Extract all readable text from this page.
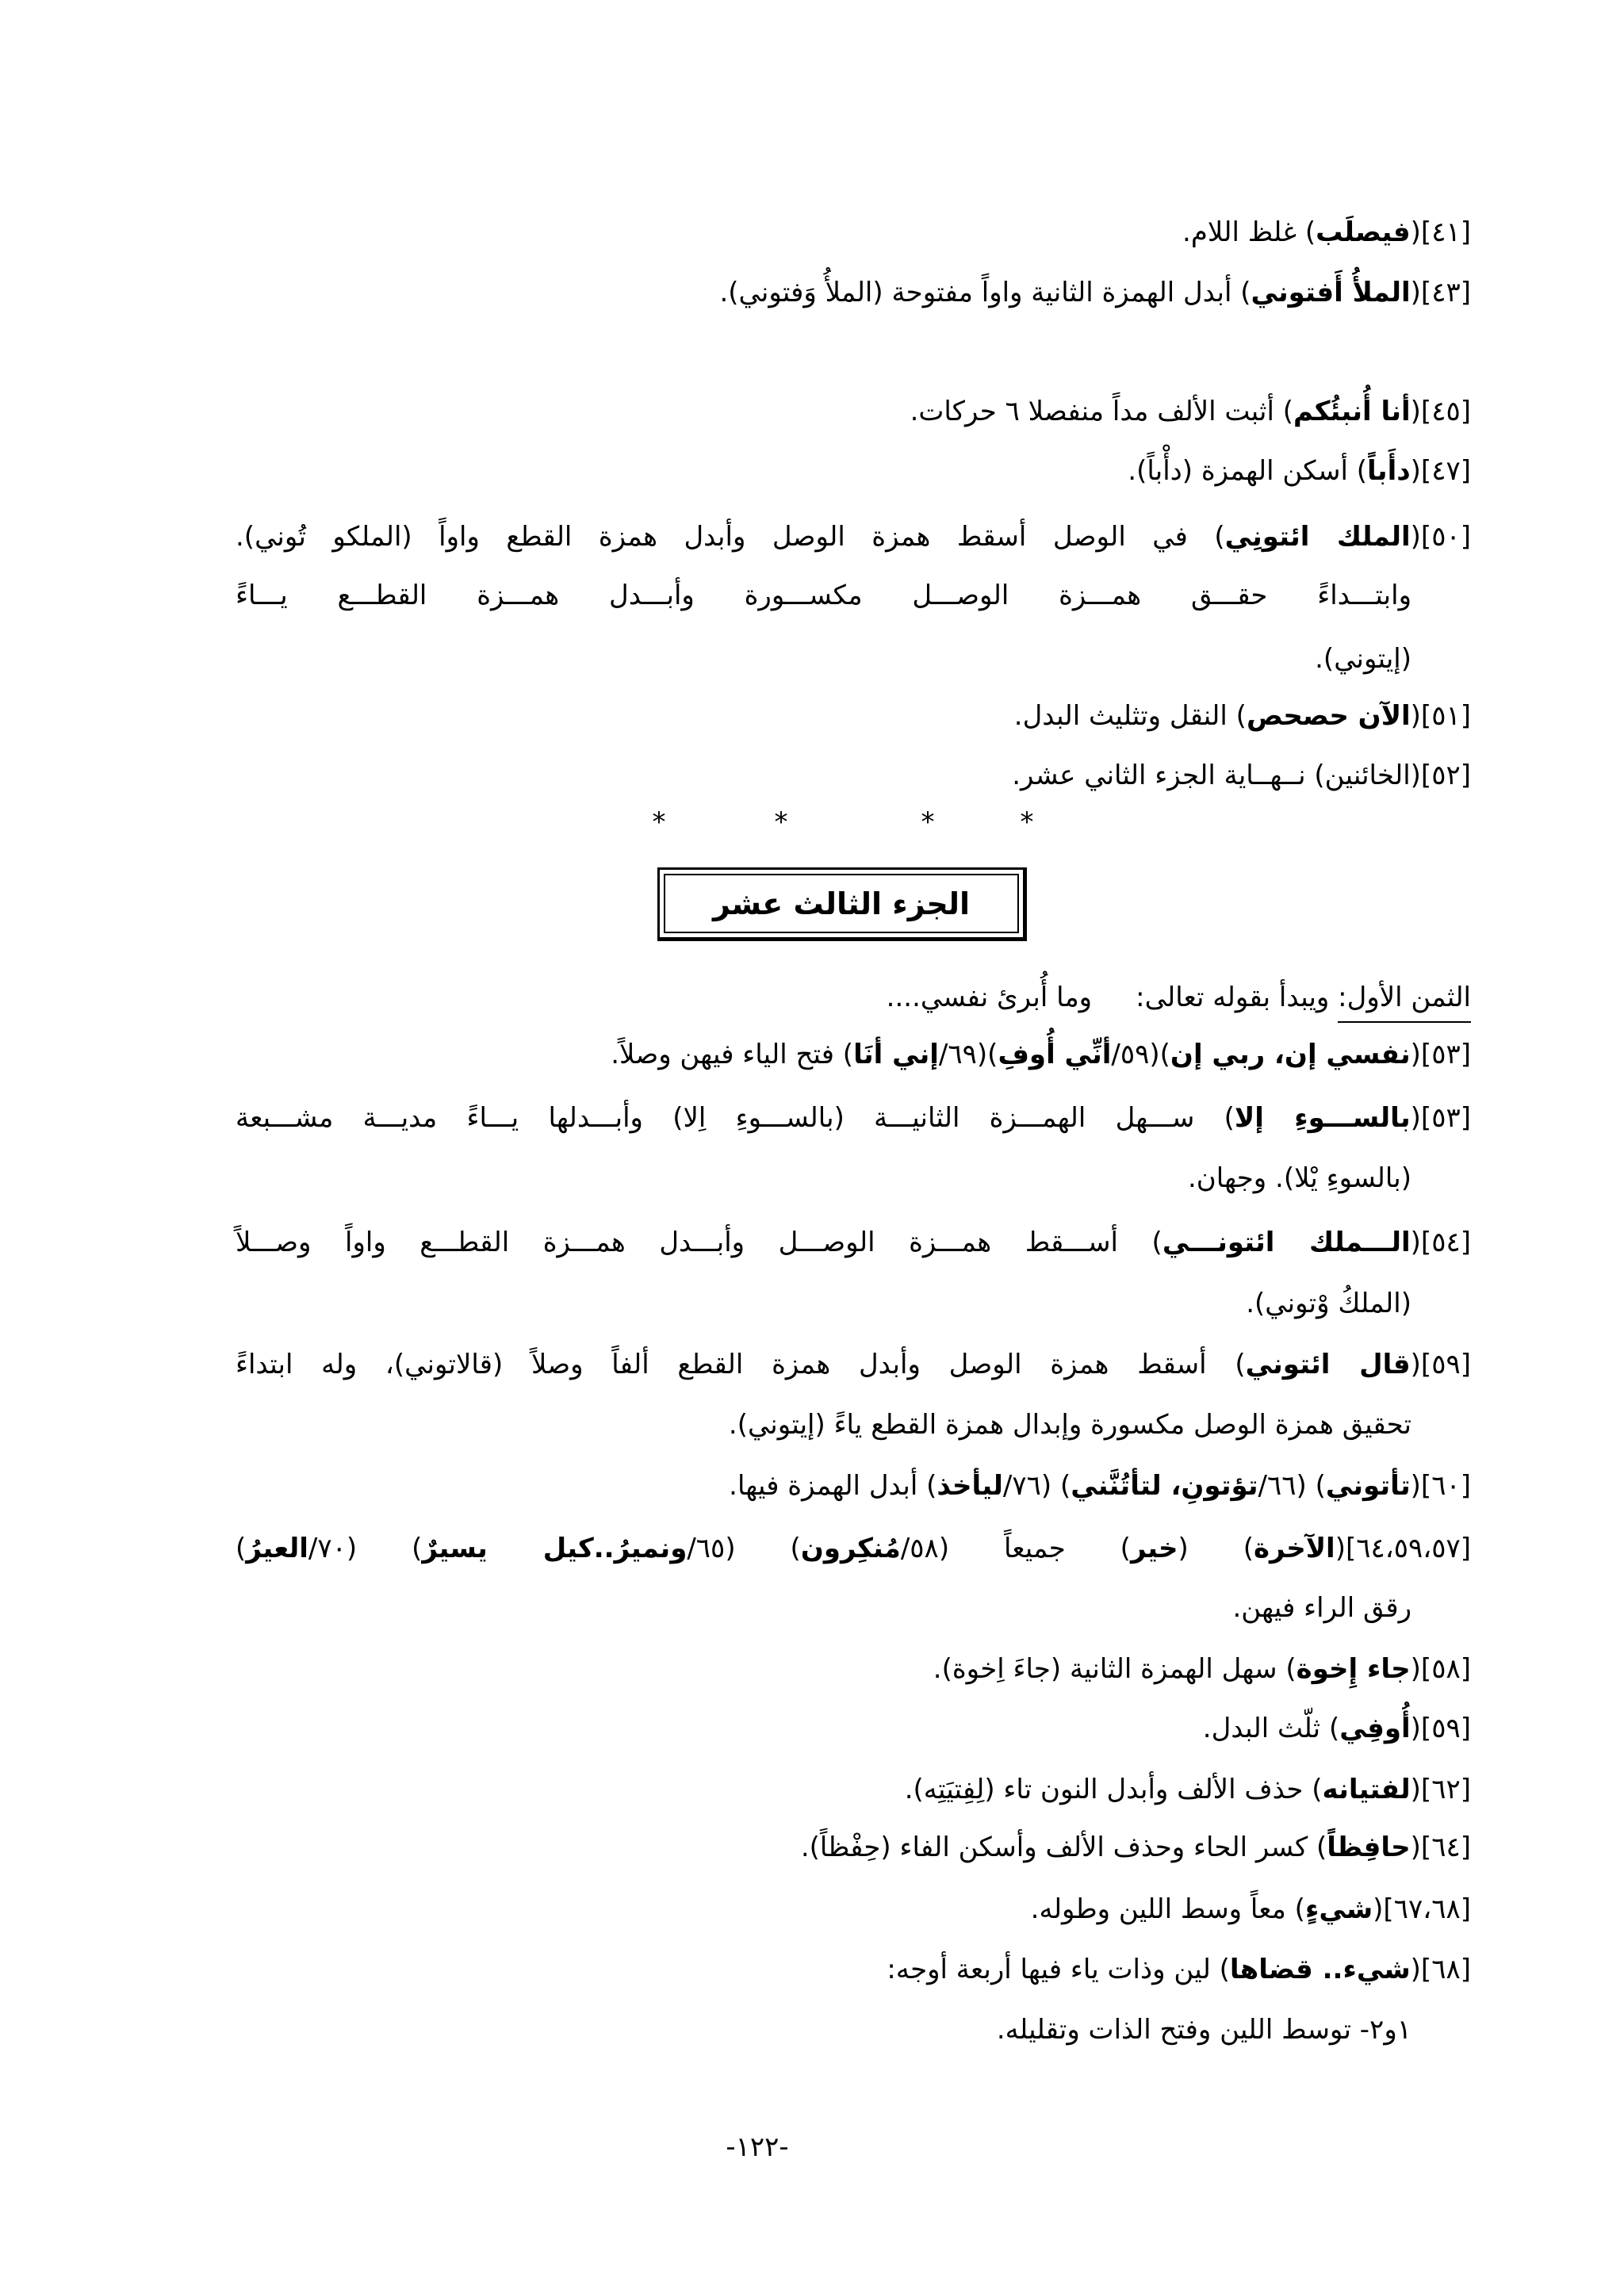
[٤١](فيصلَب) غلظ اللام.
[٤٣](الملأُ أَفتوني) أبدل الهمزة الثانية واواً مفتوحة (الملأُ وَفتوني).
[٤٥](أنا أُنبئُكم) أثبت الألف مداً منفصلا ٦ حركات.
[٤٧](دأَباً) أسكن الهمزة (دأْباً).
[٥٠](الملك ائتونِي) في الوصل أسقط همزة الوصل وأبدل همزة القطع واواً (الملكو تُوني).
وابتـــداءً حقـــق همـــزة الوصـــل مكســـورة وأبـــدل همـــزة القطـــع يـــاءً
(إيتوني).
[٥١](الآن حصحص) النقل وتثليث البدل.
[٥٢](الخائنين) نــهــاية الجزء الثاني عشر.
*	*	*	*
الجزء الثالث عشر
الثمن الأول: ويبدأ بقوله تعالى:وما أُبرئ نفسي....
[٥٣](نفسي إن، ربي إن)(٥٩/أنِّي أُوفِ)(٦٩/إني أنَا) فتح الياء فيهن وصلاً.
[٥٣](بالســـوءِ إلا) ســـهل الهمـــزة الثانيـــة (بالســـوءِ اِلا) وأبـــدلها يـــاءً مديـــة مشـــبعة
(بالسوءِ يْلا). وجهان.
[٥٤](الـــملك ائتونـــي) أســـقط همـــزة الوصـــل وأبـــدل همـــزة القطـــع واواً وصـــلاً
(الملكُ وْتوني).
[٥٩](قال ائتوني) أسقط همزة الوصل وأبدل همزة القطع ألفاً وصلاً (قالاتوني)، وله ابتداءً
تحقيق همزة الوصل مكسورة وإبدال همزة القطع ياءً (إيتوني).
[٦٠](تأتوني) (٦٦/تؤتونِ، لتأتُنَّني) (٧٦/ليأخذ) أبدل الهمزة فيها.
[٦٤،٥٩،٥٧](الآخرة) (خير) جميعاً (٥٨/مُنكِرون) (٦٥/ونميرُ..كيل يسيرٌ) (٧٠/العيرُ)
رقق الراء فيهن.
[٥٨](جاء إِخوة) سهل الهمزة الثانية (جاءَ اِخوة).
[٥٩](أُوفِي) ثلّث البدل.
[٦٢](لفتيانه) حذف الألف وأبدل النون تاء (لِفِتيَتِه).
[٦٤](حافِظاً) كسر الحاء وحذف الألف وأسكن الفاء (حِفْظاً).
[٦٧،٦٨](شيءٍ) معاً وسط اللين وطوله.
[٦٨](شيء.. قضاها) لين وذات ياء فيها أربعة أوجه:
١و٢- توسط اللين وفتح الذات وتقليله.
-١٢٢-
